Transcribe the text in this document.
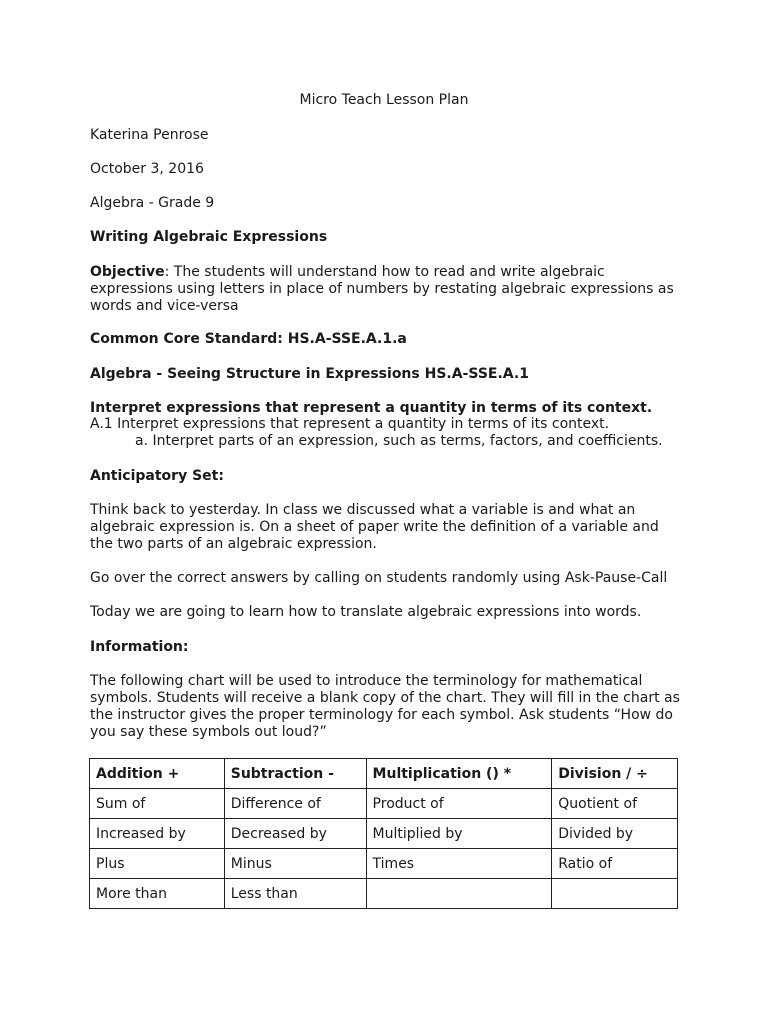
Micro Teach Lesson Plan
Katerina Penrose
October 3, 2016
Algebra - Grade 9
Writing Algebraic Expressions
Objective: The students will understand how to read and write algebraic expressions using letters in place of numbers by restating algebraic expressions as words and vice-versa
Common Core Standard: HS.A-SSE.A.1.a
Algebra - Seeing Structure in Expressions HS.A-SSE.A.1
Interpret expressions that represent a quantity in terms of its context.
A.1 Interpret expressions that represent a quantity in terms of its context.
a. Interpret parts of an expression, such as terms, factors, and coefficients.
Anticipatory Set:
Think back to yesterday. In class we discussed what a variable is and what an algebraic expression is. On a sheet of paper write the definition of a variable and the two parts of an algebraic expression.
Go over the correct answers by calling on students randomly using Ask-Pause-Call
Today we are going to learn how to translate algebraic expressions into words.
Information:
The following chart will be used to introduce the terminology for mathematical symbols. Students will receive a blank copy of the chart. They will fill in the chart as the instructor gives the proper terminology for each symbol. Ask students “How do you say these symbols out loud?”
Addition +	Subtraction -	Multiplication () *	Division / ÷
Sum of	Difference of	Product of	Quotient of
Increased by	Decreased by	Multiplied by	Divided by
Plus	Minus	Times	Ratio of
More than	Less than		
